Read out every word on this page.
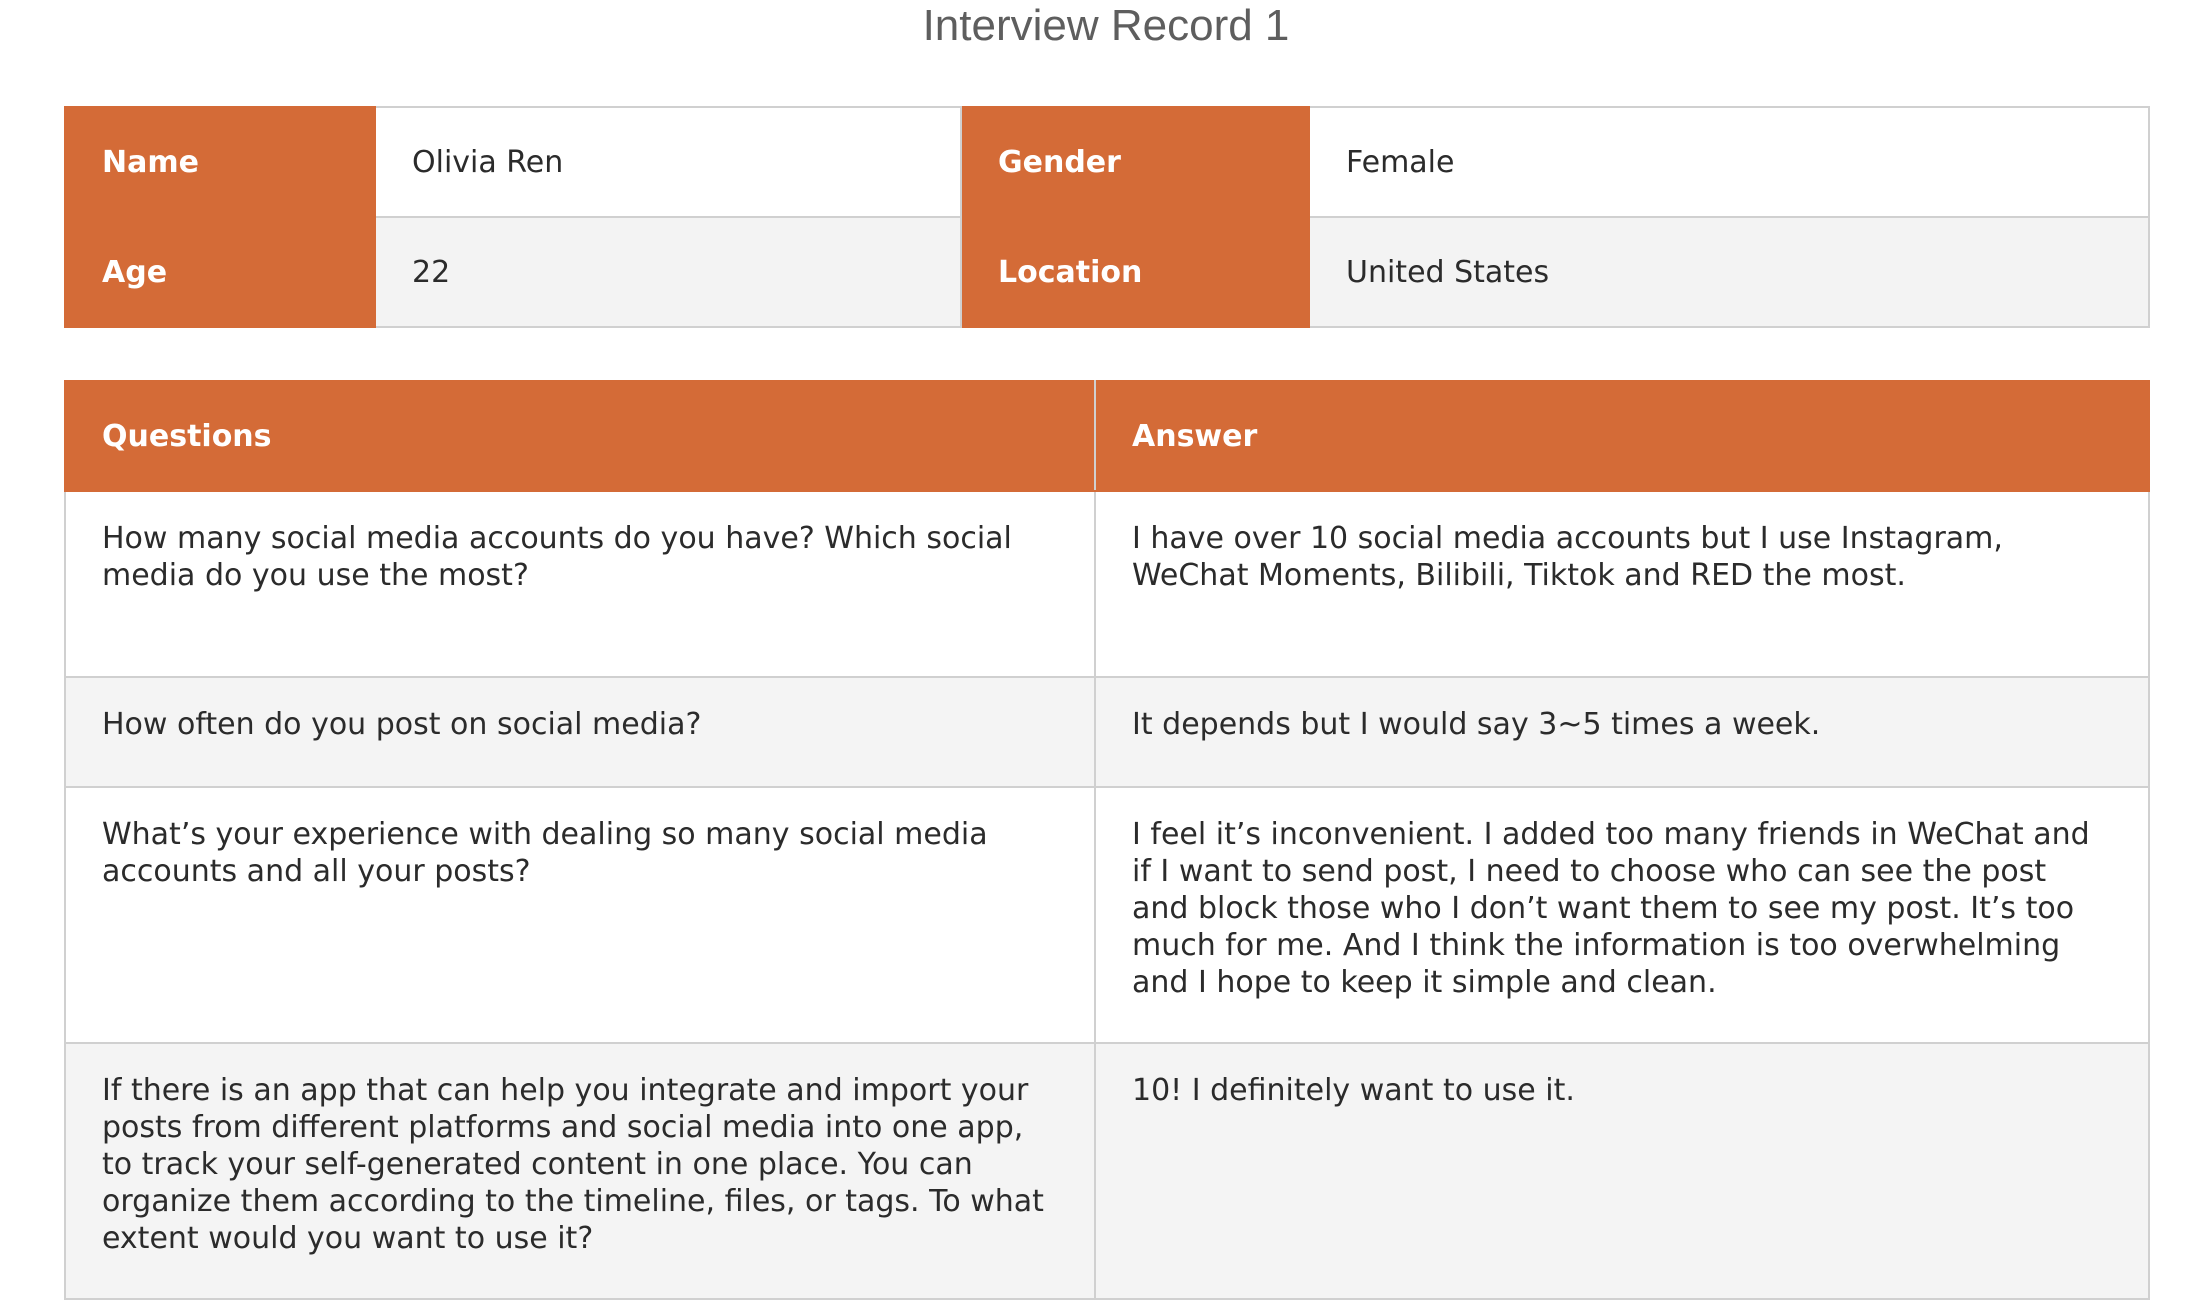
Interview Record 1
Name	Olivia Ren	Gender	Female
Age	22	Location	United States
Questions	Answer
How many social media accounts do you have? Which social media do you use the most?	I have over 10 social media accounts but I use Instagram, WeChat Moments, Bilibili, Tiktok and RED the most.
How often do you post on social media?	It depends but I would say 3~5 times a week.
What’s your experience with dealing so many social media accounts and all your posts?	I feel it’s inconvenient. I added too many friends in WeChat and if I want to send post, I need to choose who can see the post and block those who I don’t want them to see my post. It’s too much for me. And I think the information is too overwhelming and I hope to keep it simple and clean.
If there is an app that can help you integrate and import your posts from different platforms and social media into one app, to track your self-generated content in one place. You can organize them according to the timeline, files, or tags. To what extent would you want to use it?	10! I definitely want to use it.
